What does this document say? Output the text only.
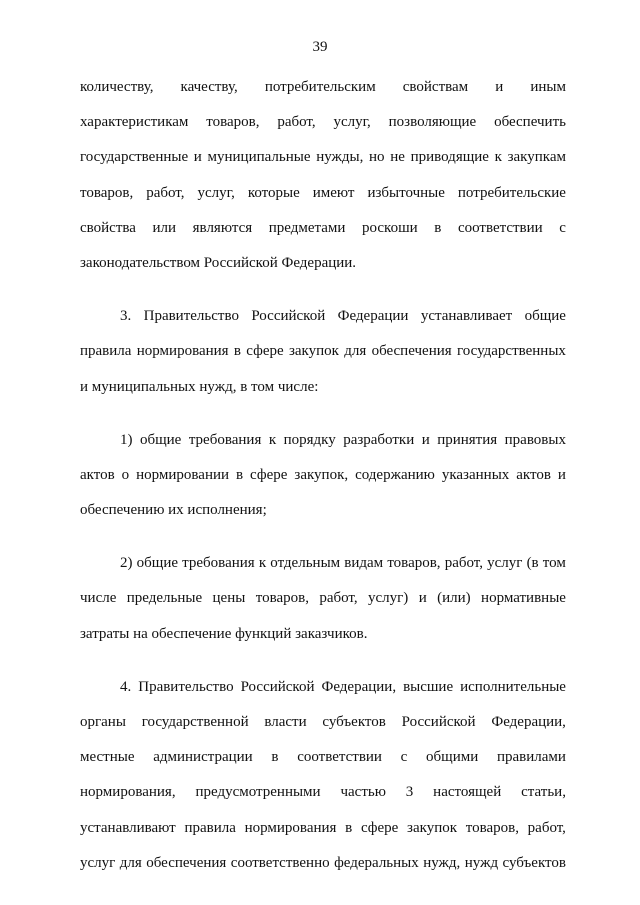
39
количеству, качеству, потребительским свойствам и иным
характеристикам товаров, работ, услуг, позволяющие обеспечить
государственные и муниципальные нужды, но не приводящие к закупкам
товаров, работ, услуг, которые имеют избыточные потребительские
свойства или являются предметами роскоши в соответствии с
законодательством Российской Федерации.
3. Правительство Российской Федерации устанавливает общие
правила нормирования в сфере закупок для обеспечения государственных
и муниципальных нужд, в том числе:
1) общие требования к порядку разработки и принятия правовых
актов о нормировании в сфере закупок, содержанию указанных актов и
обеспечению их исполнения;
2) общие требования к отдельным видам товаров, работ, услуг (в том
числе предельные цены товаров, работ, услуг) и (или) нормативные
затраты на обеспечение функций заказчиков.
4. Правительство Российской Федерации, высшие исполнительные
органы государственной власти субъектов Российской Федерации,
местные администрации в соответствии с общими правилами
нормирования, предусмотренными частью 3 настоящей статьи,
устанавливают правила нормирования в сфере закупок товаров, работ,
услуг для обеспечения соответственно федеральных нужд, нужд субъектов
